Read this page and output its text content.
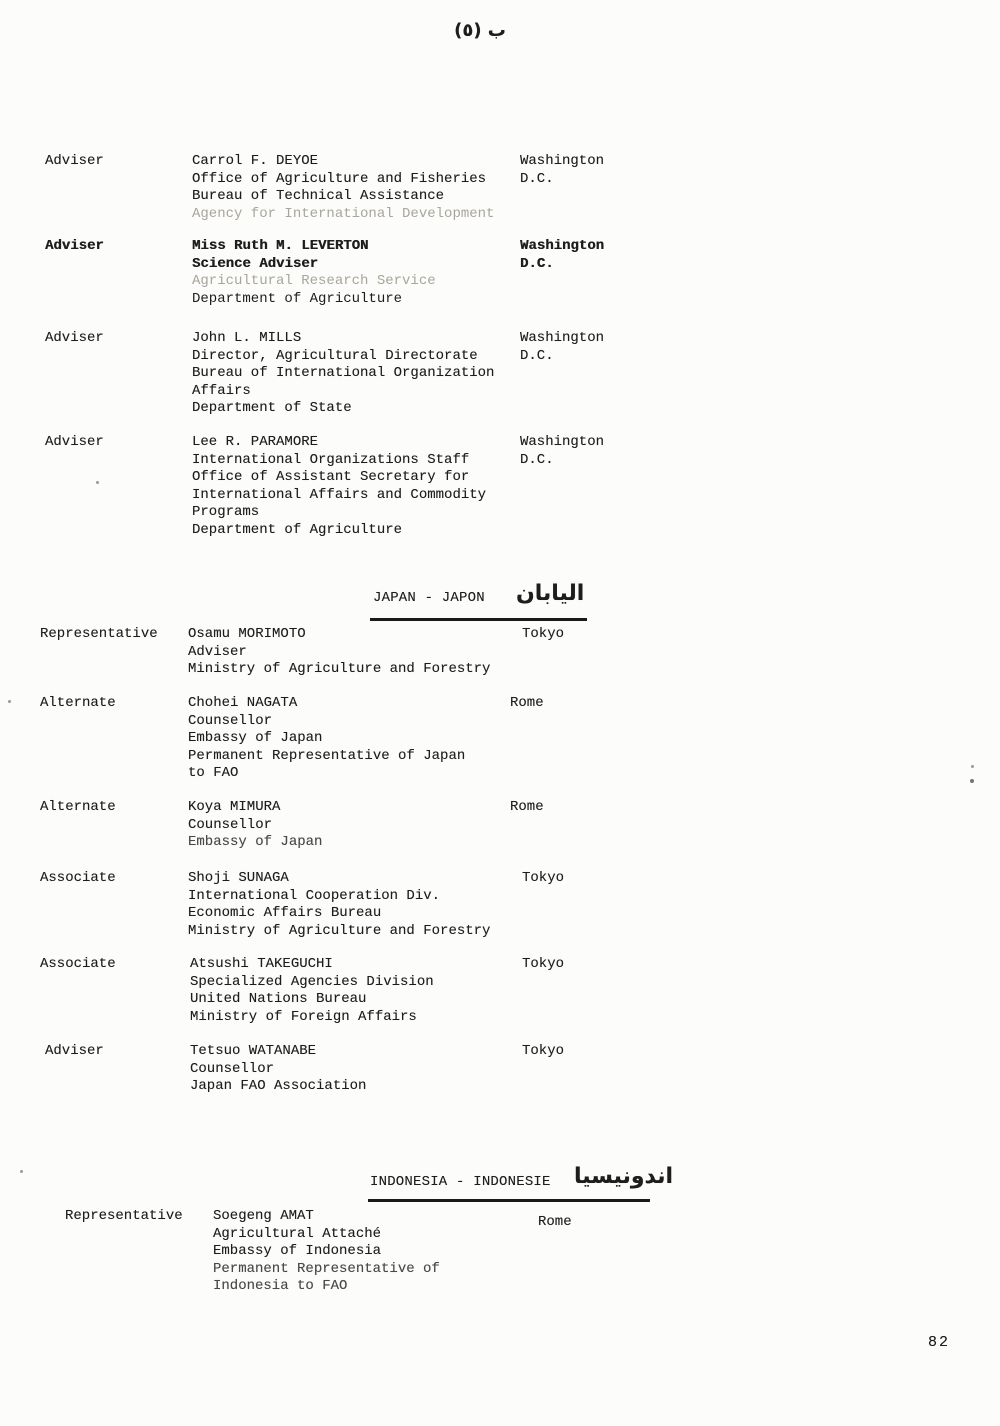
ب (٥)
Adviser	Carrol F. DEYOE
Office of Agriculture and Fisheries
Bureau of Technical Assistance
Agency for International Development
Washington
D.C.
Adviser	Miss Ruth M. LEVERTON
Science Adviser
Agricultural Research Service
Department of Agriculture
Washington
D.C.
Adviser	John L. MILLS
Director, Agricultural Directorate
Bureau of International Organization
Affairs
Department of State
Washington
D.C.
Adviser	Lee R. PARAMORE
International Organizations Staff
Office of Assistant Secretary for
International Affairs and Commodity
Programs
Department of Agriculture
Washington
D.C.
JAPAN - JAPON اليابان
Representative Osamu MORIMOTO
Adviser
Ministry of Agriculture and Forestry
Tokyo
Alternate	Chohei NAGATA
Counsellor
Embassy of Japan
Permanent Representative of Japan
to FAO
Rome
Alternate	Koya MIMURA
Counsellor
Embassy of Japan
Rome
Associate	Shoji SUNAGA
International Cooperation Div.
Economic Affairs Bureau
Ministry of Agriculture and Forestry
Tokyo
Associate	Atsushi TAKEGUCHI
Specialized Agencies Division
United Nations Bureau
Ministry of Foreign Affairs
Tokyo
Adviser	Tetsuo WATANABE
Counsellor
Japan FAO Association
Tokyo
INDONESIA - INDONESIE اندونيسيا
Representative Soegeng AMAT
Agricultural Attaché
Embassy of Indonesia
Permanent Representative of
Indonesia to FAO
Rome
82
